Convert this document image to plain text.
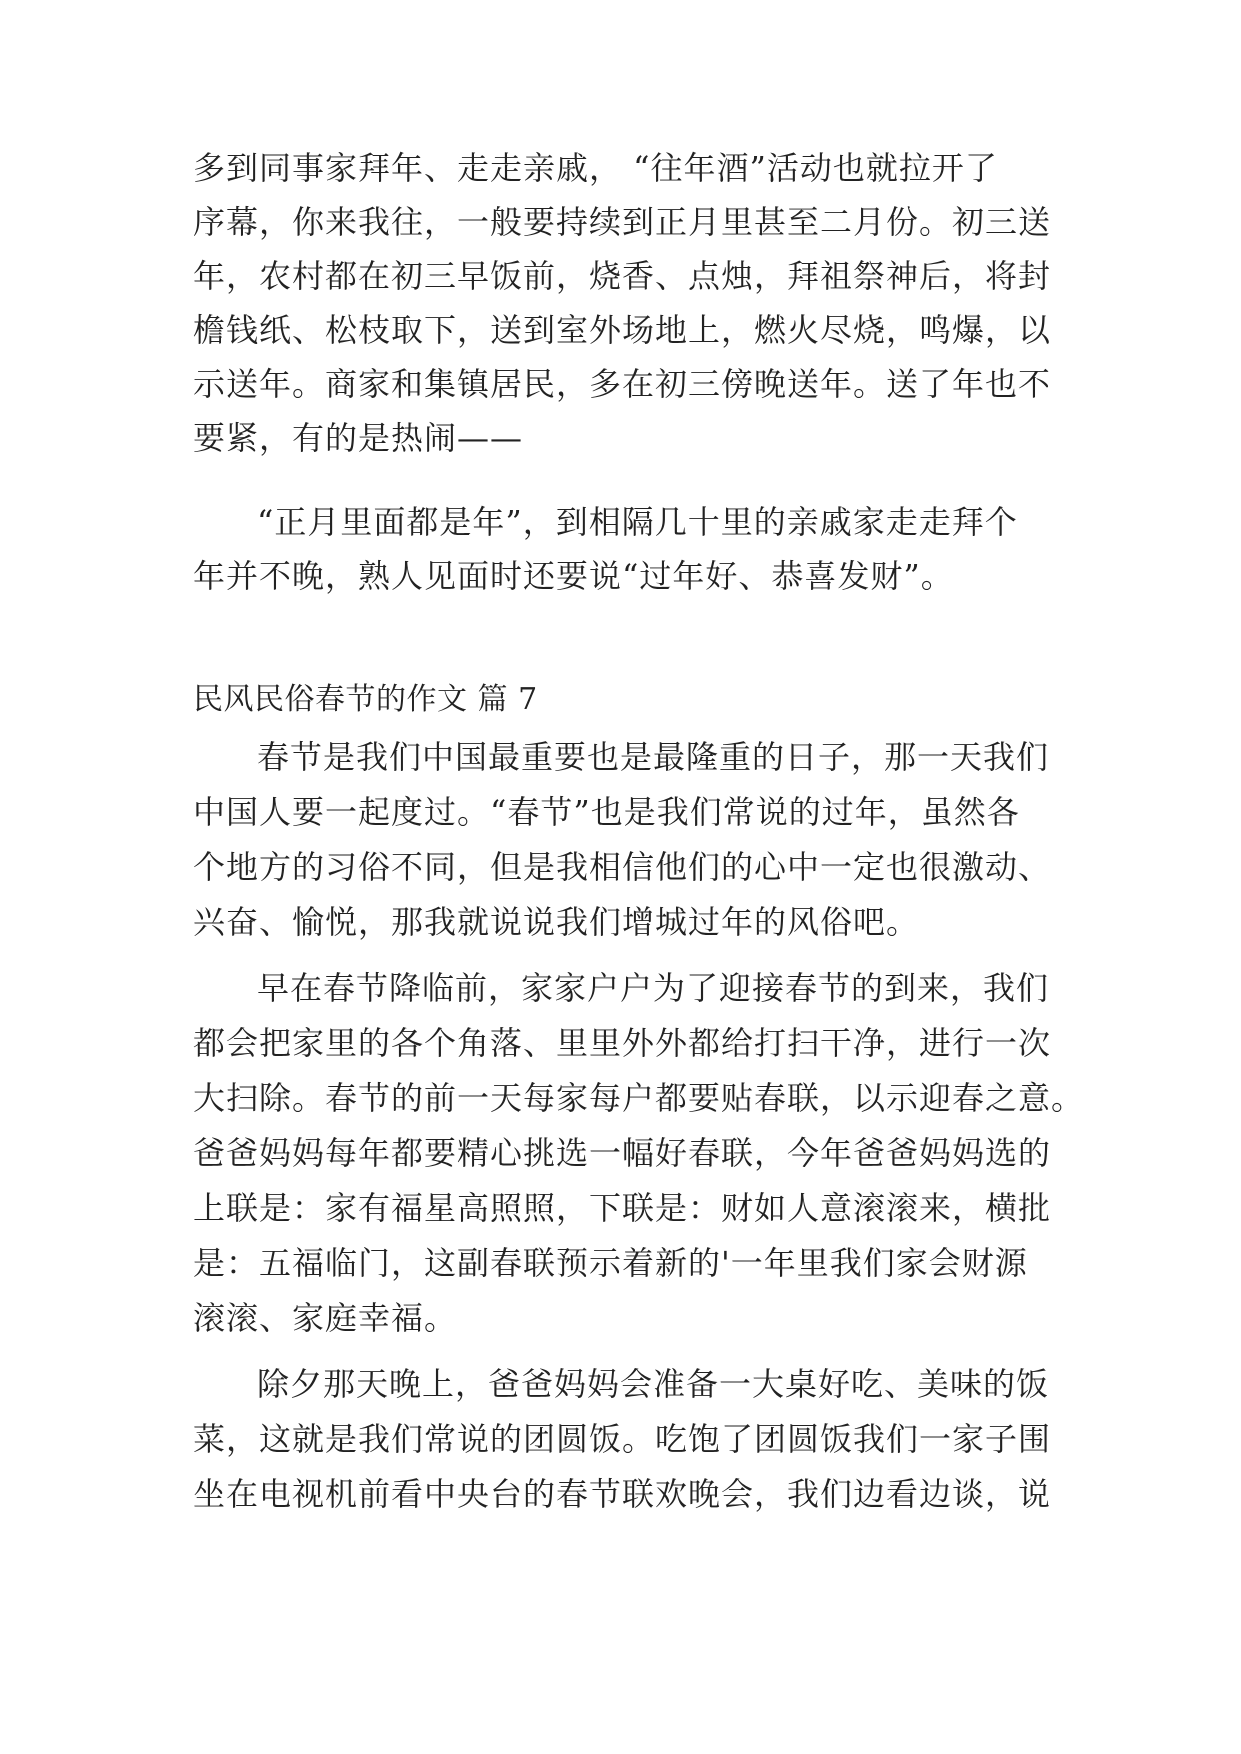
多到同事家拜年、走走亲戚， “往年酒”活动也就拉开了
序幕，你来我往，一般要持续到正月里甚至二月份。初三送
年，农村都在初三早饭前，烧香、点烛，拜祖祭神后，将封
檐钱纸、松枝取下，送到室外场地上，燃火尽烧，鸣爆，以
示送年。商家和集镇居民，多在初三傍晚送年。送了年也不
要紧，有的是热闹——
“正月里面都是年”，到相隔几十里的亲戚家走走拜个
年并不晚，熟人见面时还要说“过年好、恭喜发财”。
民风民俗春节的作文 篇 7
春节是我们中国最重要也是最隆重的日子，那一天我们
中国人要一起度过。“春节”也是我们常说的过年，虽然各
个地方的习俗不同，但是我相信他们的心中一定也很激动、
兴奋、愉悦，那我就说说我们增城过年的风俗吧。
早在春节降临前，家家户户为了迎接春节的到来，我们
都会把家里的各个角落、里里外外都给打扫干净，进行一次
大扫除。春节的前一天每家每户都要贴春联，以示迎春之意。
爸爸妈妈每年都要精心挑选一幅好春联，今年爸爸妈妈选的
上联是：家有福星高照照，下联是：财如人意滚滚来，横批
是：五福临门，这副春联预示着新的'一年里我们家会财源
滚滚、家庭幸福。
除夕那天晚上，爸爸妈妈会准备一大桌好吃、美味的饭
菜，这就是我们常说的团圆饭。吃饱了团圆饭我们一家子围
坐在电视机前看中央台的春节联欢晚会，我们边看边谈，说
